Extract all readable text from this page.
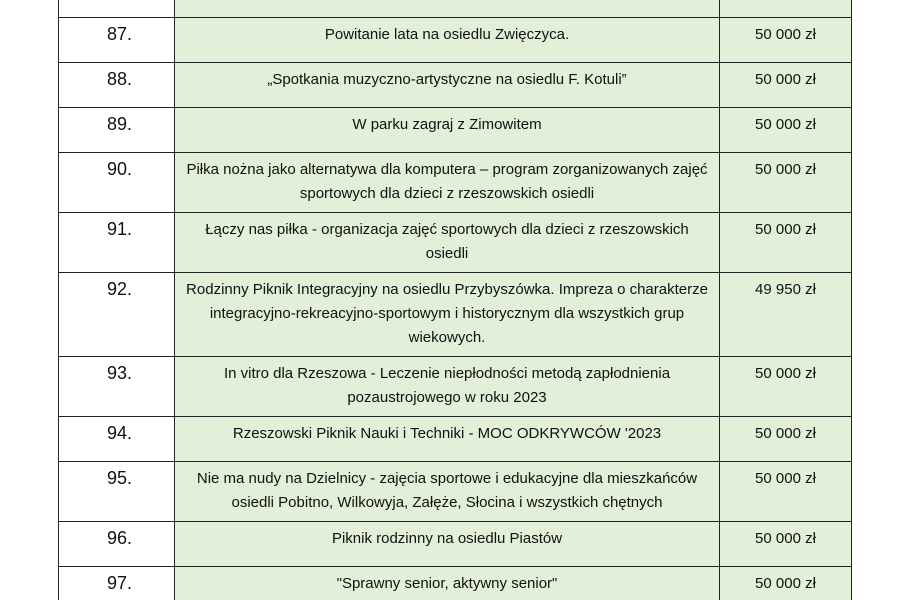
87.	Powitanie lata na osiedlu Zwięczyca.	50 000 zł
88.	„Spotkania muzyczno-artystyczne na osiedlu F. Kotuli”	50 000 zł
89.	W parku zagraj z Zimowitem	50 000 zł
90.	Piłka nożna jako alternatywa dla komputera – program zorganizowanych zajęć sportowych dla dzieci z rzeszowskich osiedli	50 000 zł
91.	Łączy nas piłka - organizacja zajęć sportowych dla dzieci z rzeszowskich osiedli	50 000 zł
92.	Rodzinny Piknik Integracyjny na osiedlu Przybyszówka. Impreza o charakterze integracyjno-rekreacyjno-sportowym i historycznym dla wszystkich grup wiekowych.	49 950 zł
93.	In vitro dla Rzeszowa - Leczenie niepłodności metodą zapłodnienia pozaustrojowego w roku 2023	50 000 zł
94.	Rzeszowski Piknik Nauki i Techniki - MOC ODKRYWCÓW '2023	50 000 zł
95.	Nie ma nudy na Dzielnicy - zajęcia sportowe i edukacyjne dla mieszkańców osiedli Pobitno, Wilkowyja, Załęże, Słocina i wszystkich chętnych	50 000 zł
96.	Piknik rodzinny na osiedlu Piastów	50 000 zł
97.	"Sprawny senior, aktywny senior"	50 000 zł
